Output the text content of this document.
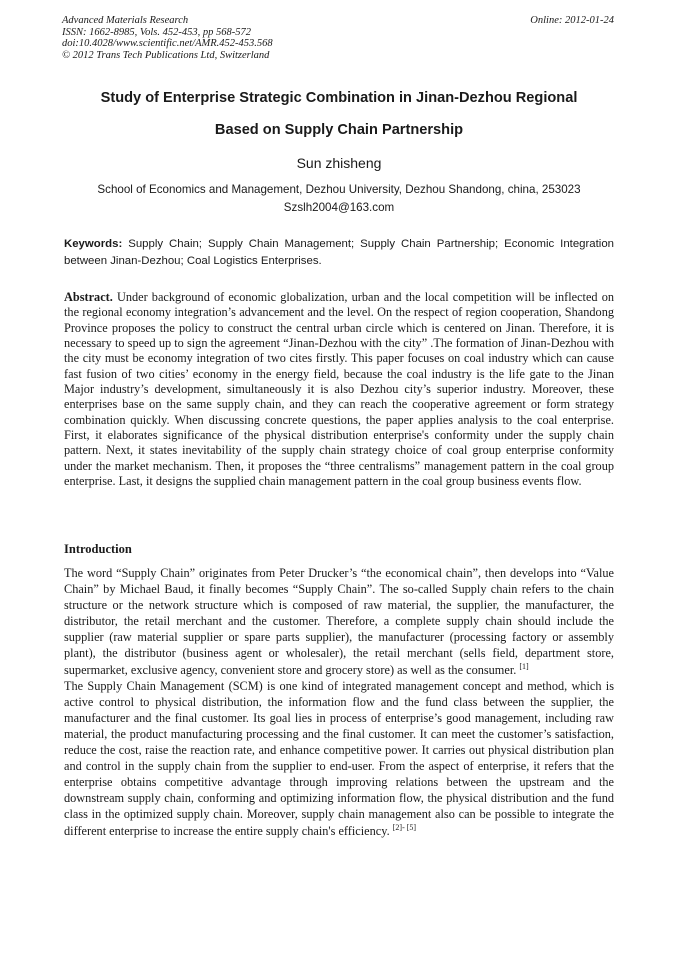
Advanced Materials Research
ISSN: 1662-8985, Vols. 452-453, pp 568-572
doi:10.4028/www.scientific.net/AMR.452-453.568
© 2012 Trans Tech Publications Ltd, Switzerland
Online: 2012-01-24
Study of Enterprise Strategic Combination in Jinan-Dezhou Regional
Based on Supply Chain Partnership
Sun zhisheng
School of Economics and Management, Dezhou University, Dezhou Shandong, china, 253023
Szslh2004@163.com
Keywords: Supply Chain; Supply Chain Management; Supply Chain Partnership; Economic Integration between Jinan-Dezhou; Coal Logistics Enterprises.
Abstract. Under background of economic globalization, urban and the local competition will be inflected on the regional economy integration’s advancement and the level. On the respect of region cooperation, Shandong Province proposes the policy to construct the central urban circle which is centered on Jinan. Therefore, it is necessary to speed up to sign the agreement “Jinan-Dezhou with the city” .The formation of Jinan-Dezhou with the city must be economy integration of two cites firstly. This paper focuses on coal industry which can cause fast fusion of two cities’ economy in the energy field, because the coal industry is the life gate to the Jinan Major industry’s development, simultaneously it is also Dezhou city’s superior industry. Moreover, these enterprises base on the same supply chain, and they can reach the cooperative agreement or form strategy combination quickly. When discussing concrete questions, the paper applies analysis to the coal enterprise. First, it elaborates significance of the physical distribution enterprise's conformity under the supply chain pattern. Next, it states inevitability of the supply chain strategy choice of coal group enterprise conformity under the market mechanism. Then, it proposes the “three centralisms” management pattern in the coal group enterprise. Last, it designs the supplied chain management pattern in the coal group business events flow.
Introduction

The word “Supply Chain” originates from Peter Drucker’s “the economical chain”, then develops into “Value Chain” by Michael Baud, it finally becomes “Supply Chain”. The so-called Supply chain refers to the chain structure or the network structure which is composed of raw material, the supplier, the manufacturer, the distributor, the retail merchant and the customer. Therefore, a complete supply chain should include the supplier (raw material supplier or spare parts supplier), the manufacturer (processing factory or assembly plant), the distributor (business agent or wholesaler), the retail merchant (sells field, department store, supermarket, exclusive agency, convenient store and grocery store) as well as the consumer. [1]

The Supply Chain Management (SCM) is one kind of integrated management concept and method, which is active control to physical distribution, the information flow and the fund class between the supplier, the manufacturer and the final customer. Its goal lies in process of enterprise’s good management, including raw material, the product manufacturing processing and the final customer. It can meet the customer’s satisfaction, reduce the cost, raise the reaction rate, and enhance competitive power. It carries out physical distribution plan and control in the supply chain from the supplier to end-user. From the aspect of enterprise, it refers that the enterprise obtains competitive advantage through improving relations between the upstream and the downstream supply chain, conforming and optimizing information flow, the physical distribution and the fund class in the optimized supply chain. Moreover, supply chain management also can be possible to integrate the different enterprise to increase the entire supply chain's efficiency. [2]- [5]
